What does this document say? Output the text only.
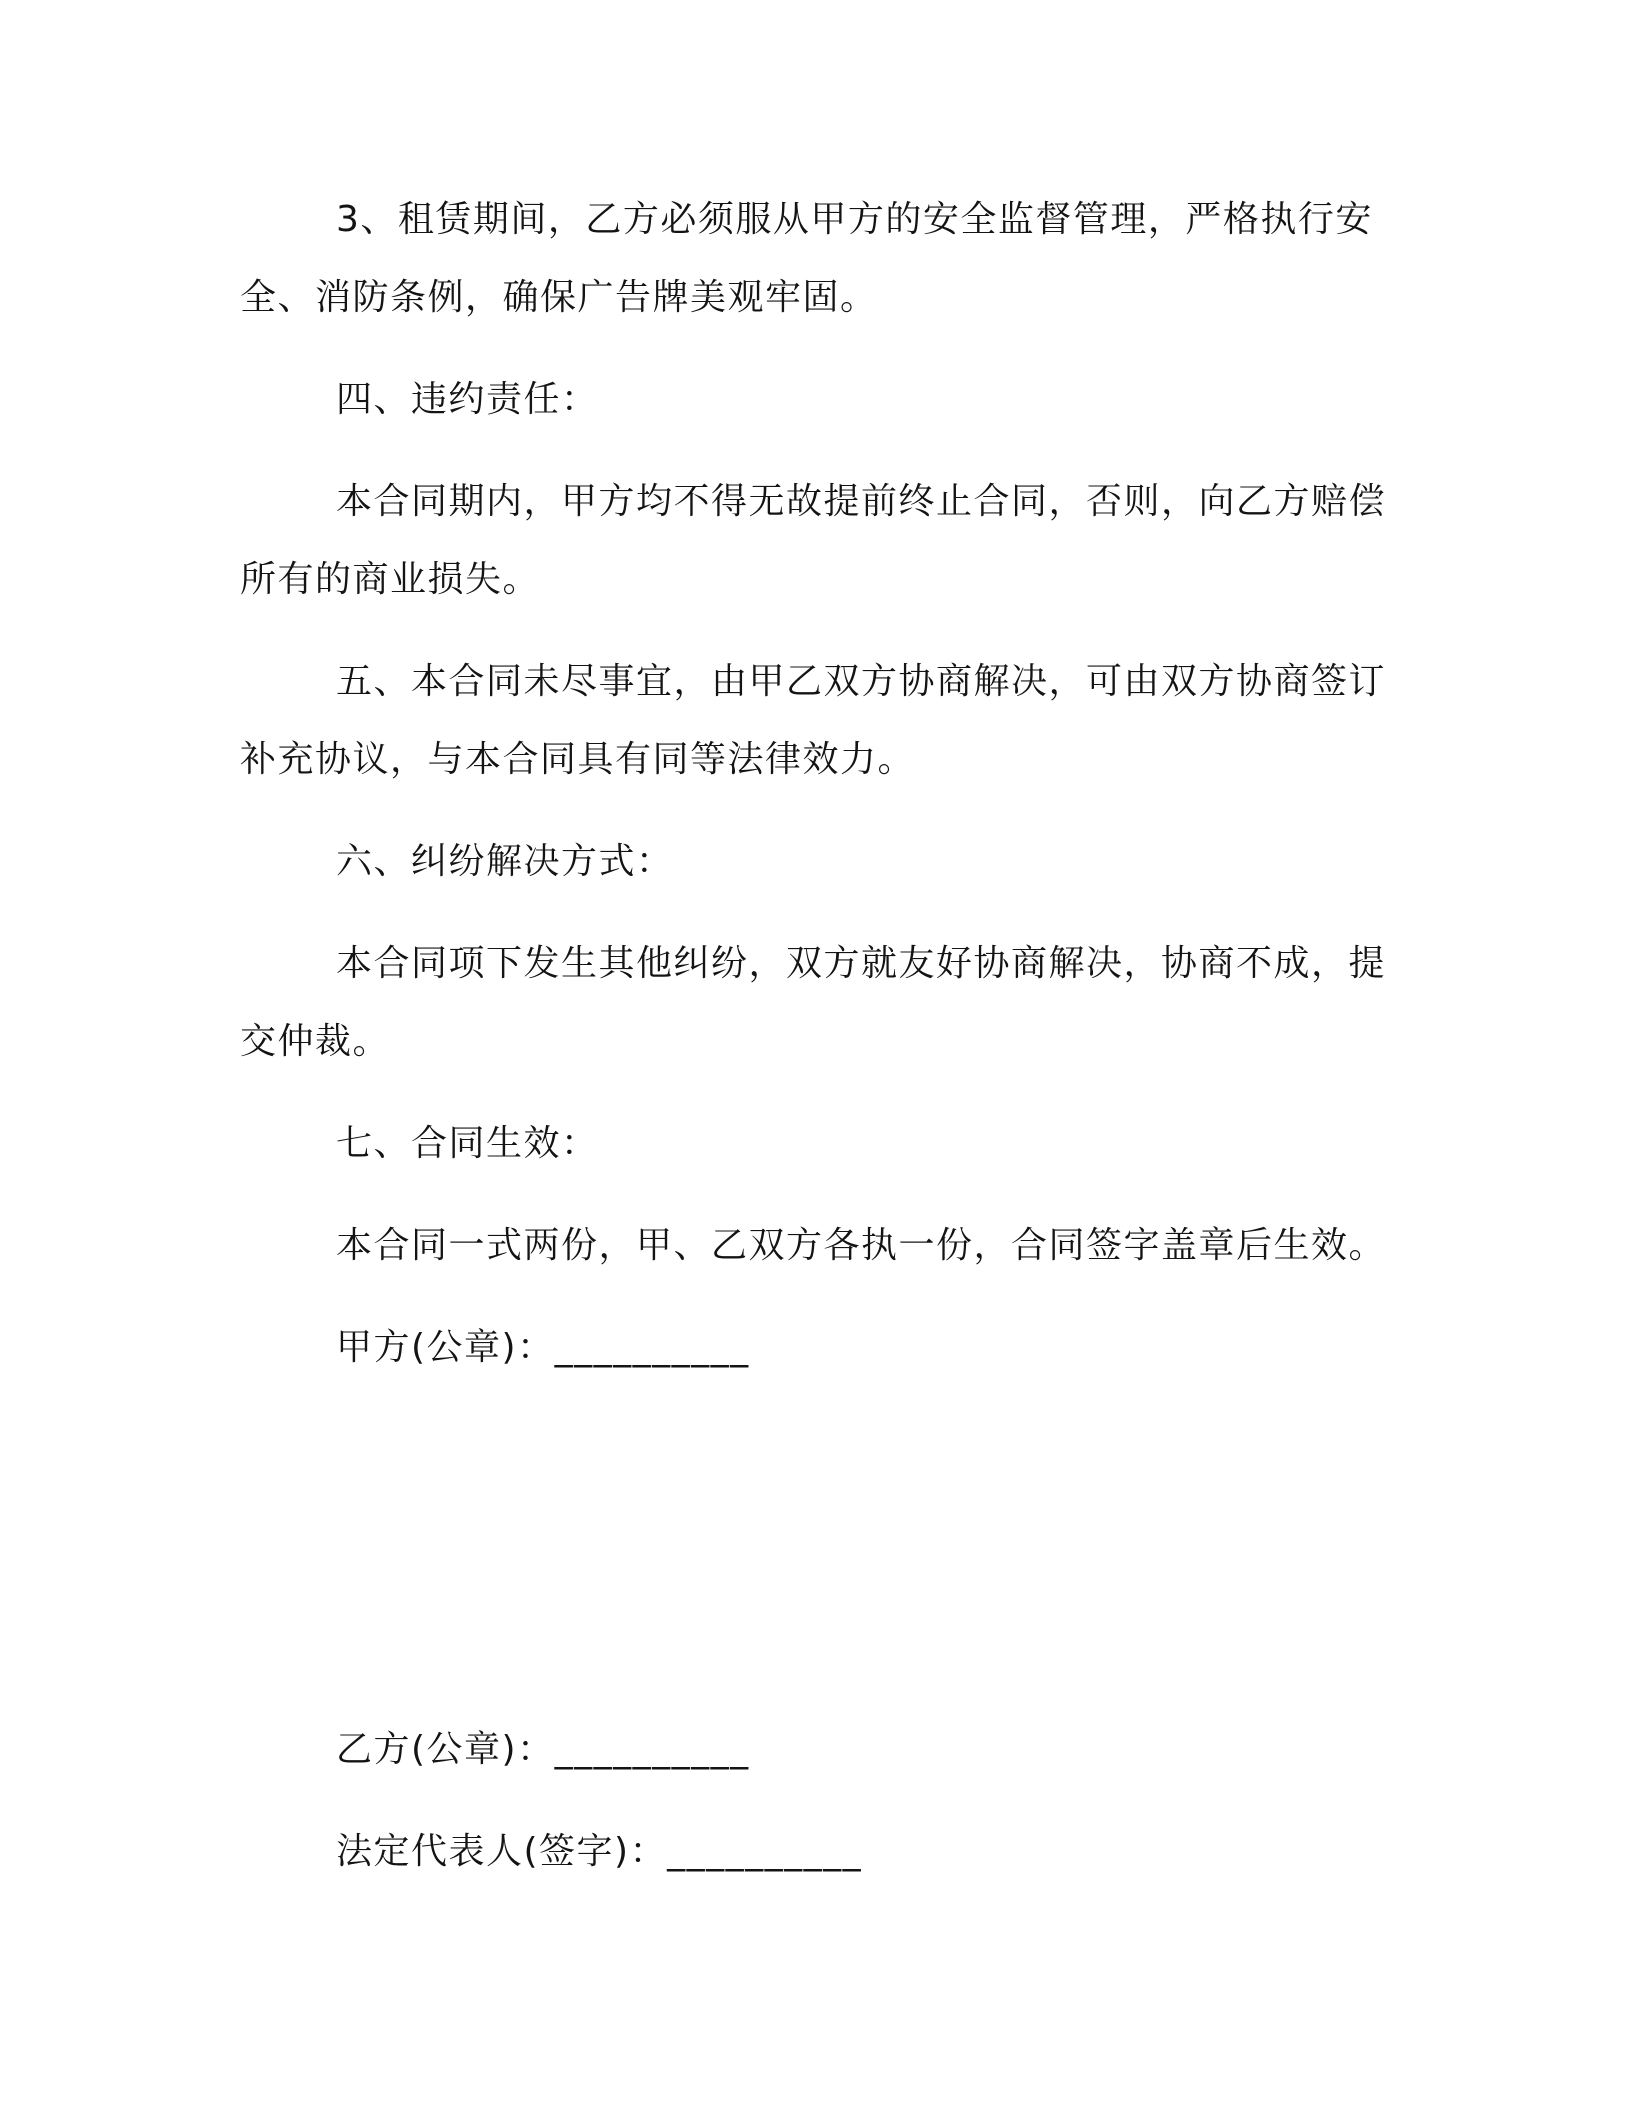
3、租赁期间，乙方必须服从甲方的安全监督管理，严格执行安
全、消防条例，确保广告牌美观牢固。
四、违约责任：
本合同期内，甲方均不得无故提前终止合同，否则，向乙方赔偿
所有的商业损失。
五、本合同未尽事宜，由甲乙双方协商解决，可由双方协商签订
补充协议，与本合同具有同等法律效力。
六、纠纷解决方式：
本合同项下发生其他纠纷，双方就友好协商解决，协商不成，提
交仲裁。
七、合同生效：
本合同一式两份，甲、乙双方各执一份，合同签字盖章后生效。
甲方(公章)：__________
乙方(公章)：__________
法定代表人(签字)：__________
